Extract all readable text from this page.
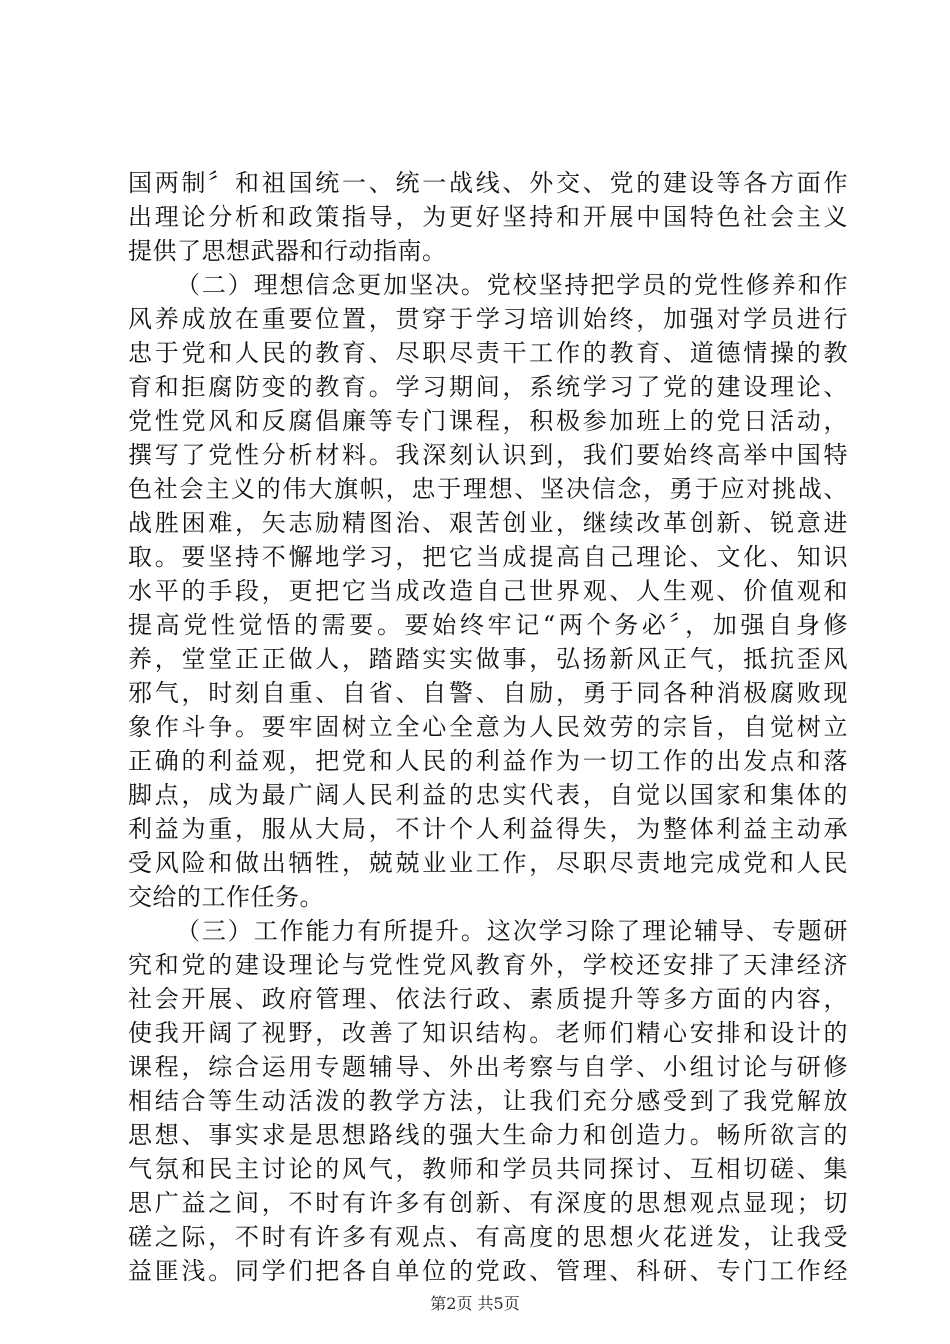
国两制〞和祖国统一、统一战线、外交、党的建设等各方面作
出理论分析和政策指导，为更好坚持和开展中国特色社会主义
提供了思想武器和行动指南。
（二）理想信念更加坚决。党校坚持把学员的党性修养和作
风养成放在重要位置，贯穿于学习培训始终，加强对学员进行
忠于党和人民的教育、尽职尽责干工作的教育、道德情操的教
育和拒腐防变的教育。学习期间，系统学习了党的建设理论、
党性党风和反腐倡廉等专门课程，积极参加班上的党日活动，
撰写了党性分析材料。我深刻认识到，我们要始终高举中国特
色社会主义的伟大旗帜，忠于理想、坚决信念，勇于应对挑战、
战胜困难，矢志励精图治、艰苦创业，继续改革创新、锐意进
取。要坚持不懈地学习，把它当成提高自己理论、文化、知识
水平的手段，更把它当成改造自己世界观、人生观、价值观和
提高党性觉悟的需要。要始终牢记“两个务必〞，加强自身修
养，堂堂正正做人，踏踏实实做事，弘扬新风正气，抵抗歪风
邪气，时刻自重、自省、自警、自励，勇于同各种消极腐败现
象作斗争。要牢固树立全心全意为人民效劳的宗旨，自觉树立
正确的利益观，把党和人民的利益作为一切工作的出发点和落
脚点，成为最广阔人民利益的忠实代表，自觉以国家和集体的
利益为重，服从大局，不计个人利益得失，为整体利益主动承
受风险和做出牺牲，兢兢业业工作，尽职尽责地完成党和人民
交给的工作任务。
（三）工作能力有所提升。这次学习除了理论辅导、专题研
究和党的建设理论与党性党风教育外，学校还安排了天津经济
社会开展、政府管理、依法行政、素质提升等多方面的内容，
使我开阔了视野，改善了知识结构。老师们精心安排和设计的
课程，综合运用专题辅导、外出考察与自学、小组讨论与研修
相结合等生动活泼的教学方法，让我们充分感受到了我党解放
思想、事实求是思想路线的强大生命力和创造力。畅所欲言的
气氛和民主讨论的风气，教师和学员共同探讨、互相切磋、集
思广益之间，不时有许多有创新、有深度的思想观点显现；切
磋之际，不时有许多有观点、有高度的思想火花迸发，让我受
益匪浅。同学们把各自单位的党政、管理、科研、专门工作经
第2页 共5页
